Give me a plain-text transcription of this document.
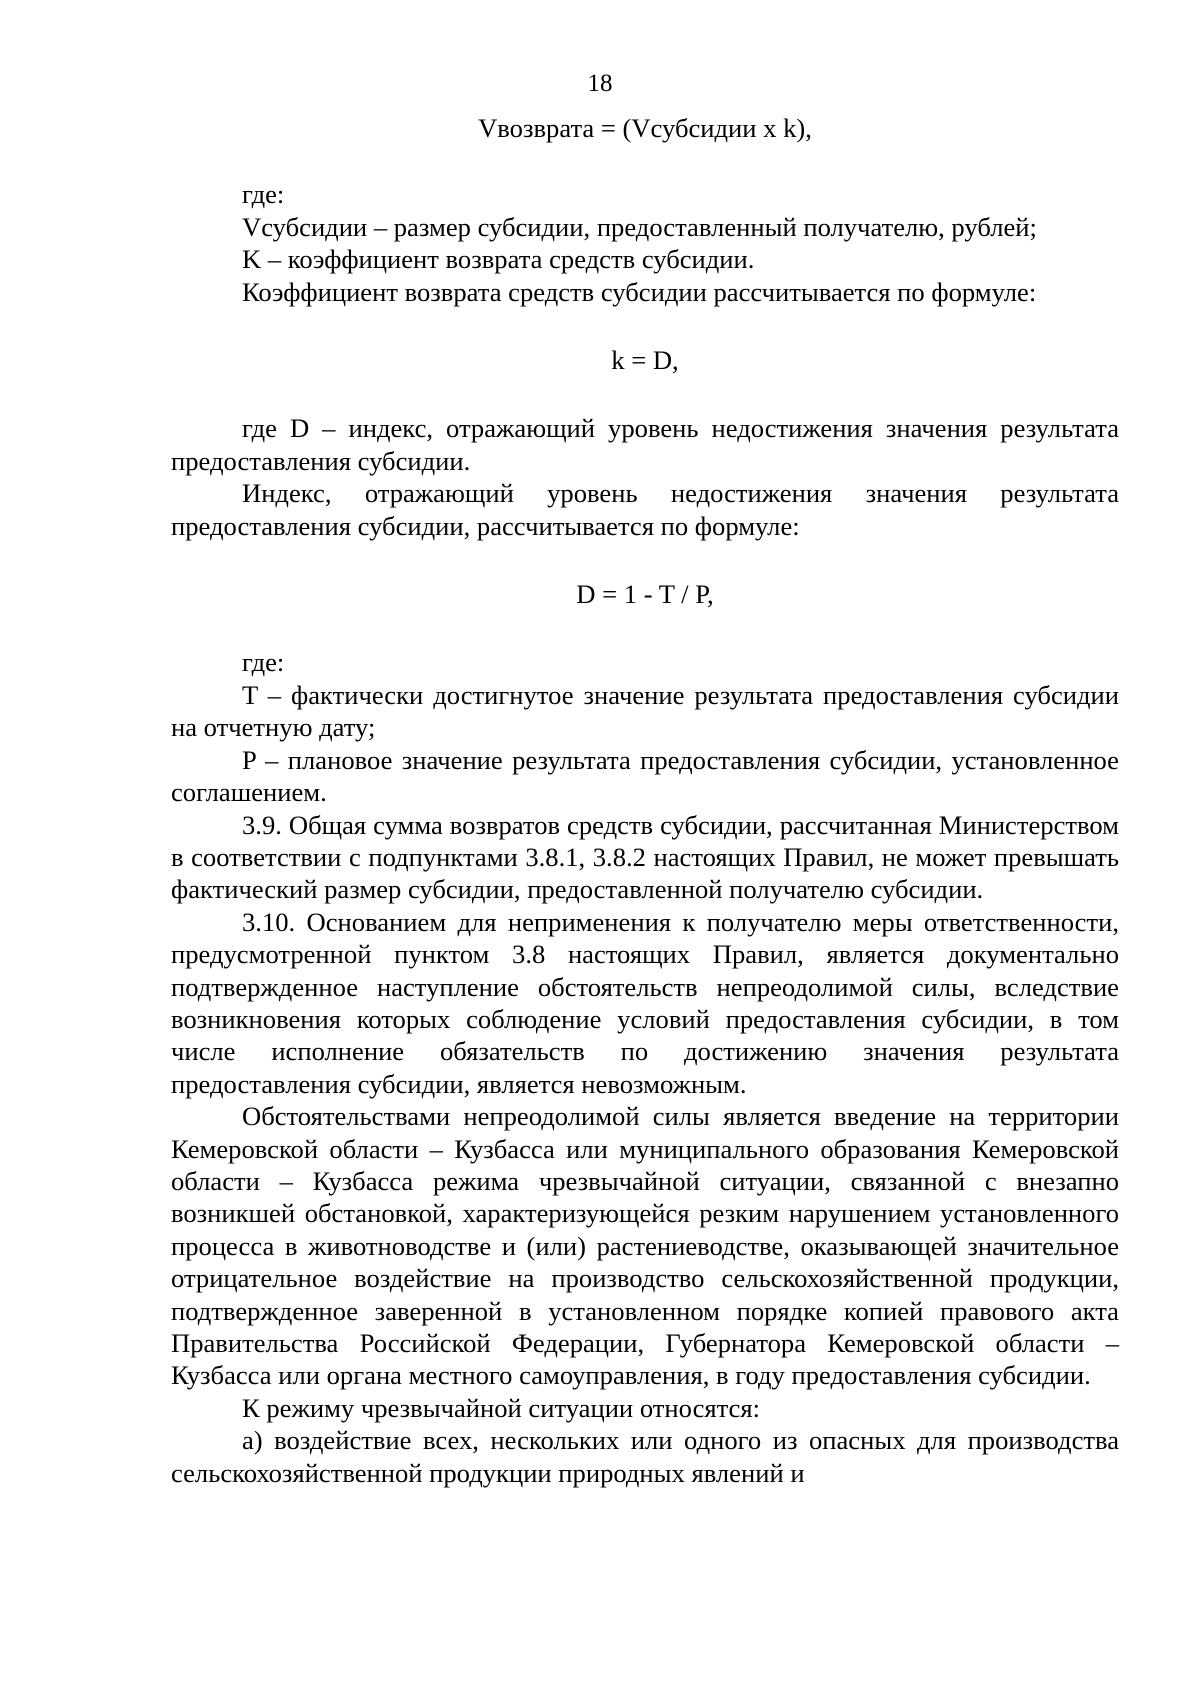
18

Vвозврата = (Vсубсидии x k),

где:

Vсубсидии – размер субсидии, предоставленный получателю, рублей;

K – коэффициент возврата средств субсидии.

Коэффициент возврата средств субсидии рассчитывается по формуле:

k = D,

где D – индекс, отражающий уровень недостижения значения результата предоставления субсидии.

Индекс, отражающий уровень недостижения значения результата предоставления субсидии, рассчитывается по формуле:

D = 1 - T / P,

где:

T – фактически достигнутое значение результата предоставления субсидии на отчетную дату;

P – плановое значение результата предоставления субсидии, установленное соглашением.

3.9. Общая сумма возвратов средств субсидии, рассчитанная Министерством в соответствии с подпунктами 3.8.1, 3.8.2 настоящих Правил, не может превышать фактический размер субсидии, предоставленной получателю субсидии.

3.10. Основанием для неприменения к получателю меры ответственности, предусмотренной пунктом 3.8 настоящих Правил, является документально подтвержденное наступление обстоятельств непреодолимой силы, вследствие возникновения которых соблюдение условий предоставления субсидии, в том числе исполнение обязательств по достижению значения результата предоставления субсидии, является невозможным.

Обстоятельствами непреодолимой силы является введение на территории Кемеровской области – Кузбасса или муниципального образования Кемеровской области – Кузбасса режима чрезвычайной ситуации, связанной с внезапно возникшей обстановкой, характеризующейся резким нарушением установленного процесса в животноводстве и (или) растениеводстве, оказывающей значительное отрицательное воздействие на производство сельскохозяйственной продукции, подтвержденное заверенной в установленном порядке копией правового акта Правительства Российской Федерации, Губернатора Кемеровской области – Кузбасса или органа местного самоуправления, в году предоставления субсидии.

К режиму чрезвычайной ситуации относятся:

а) воздействие всех, нескольких или одного из опасных для производства сельскохозяйственной продукции природных явлений и
